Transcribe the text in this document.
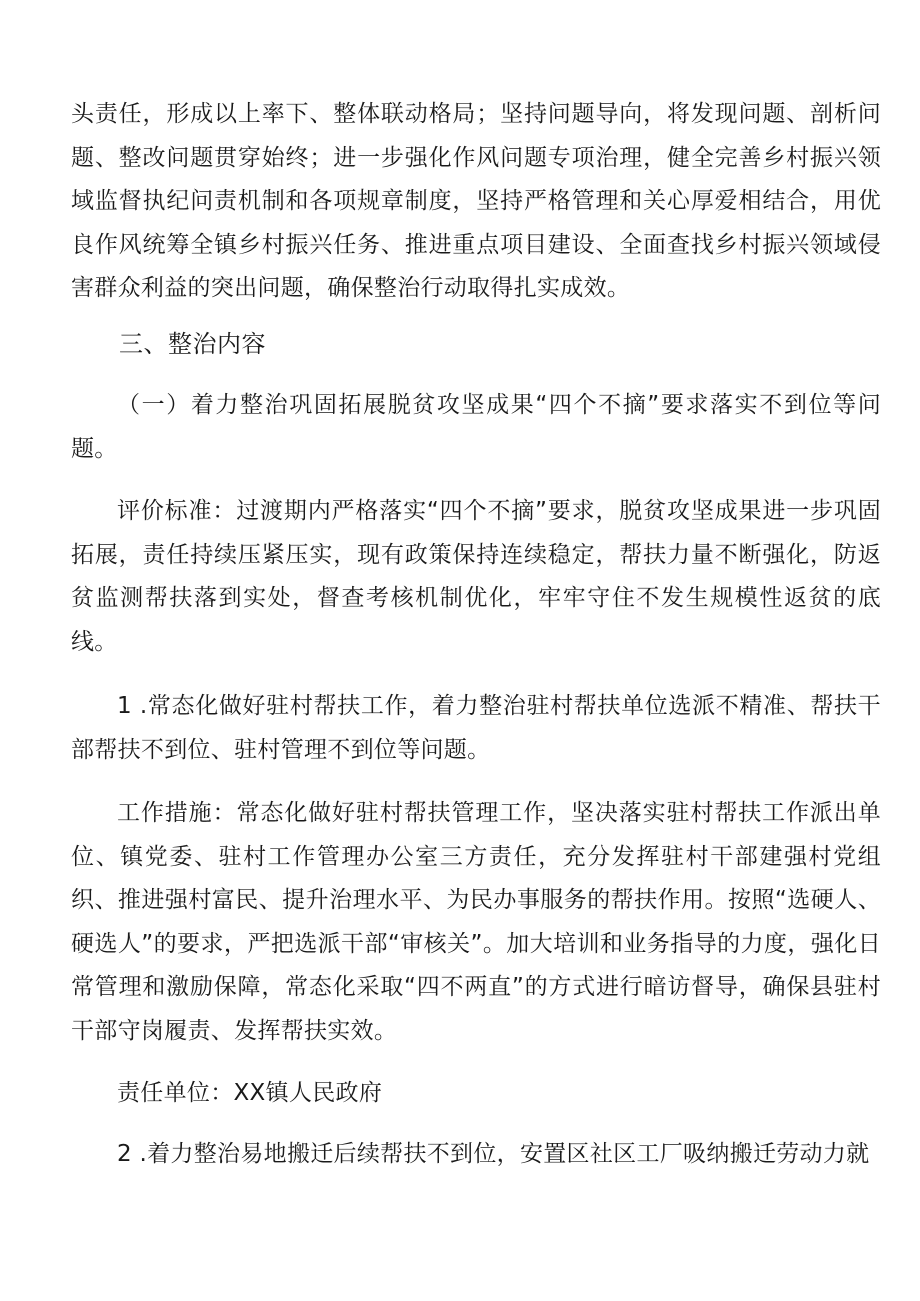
头责任，形成以上率下、整体联动格局；坚持问题导向，将发现问题、剖析问题、整改问题贯穿始终；进一步强化作风问题专项治理，健全完善乡村振兴领域监督执纪问责机制和各项规章制度，坚持严格管理和关心厚爱相结合，用优良作风统筹全镇乡村振兴任务、推进重点项目建设、全面查找乡村振兴领域侵害群众利益的突出问题，确保整治行动取得扎实成效。

三、整治内容

（一）着力整治巩固拓展脱贫攻坚成果“四个不摘”要求落实不到位等问题。

评价标准：过渡期内严格落实“四个不摘”要求，脱贫攻坚成果进一步巩固拓展，责任持续压紧压实，现有政策保持连续稳定，帮扶力量不断强化，防返贫监测帮扶落到实处，督查考核机制优化，牢牢守住不发生规模性返贫的底线。

1 .常态化做好驻村帮扶工作，着力整治驻村帮扶单位选派不精准、帮扶干部帮扶不到位、驻村管理不到位等问题。

工作措施：常态化做好驻村帮扶管理工作，坚决落实驻村帮扶工作派出单位、镇党委、驻村工作管理办公室三方责任，充分发挥驻村干部建强村党组织、推进强村富民、提升治理水平、为民办事服务的帮扶作用。按照“选硬人、硬选人”的要求，严把选派干部“审核关”。加大培训和业务指导的力度，强化日常管理和激励保障，常态化采取“四不两直”的方式进行暗访督导，确保县驻村干部守岗履责、发挥帮扶实效。

责任单位：XX镇人民政府

2 .着力整治易地搬迁后续帮扶不到位，安置区社区工厂吸纳搬迁劳动力就
